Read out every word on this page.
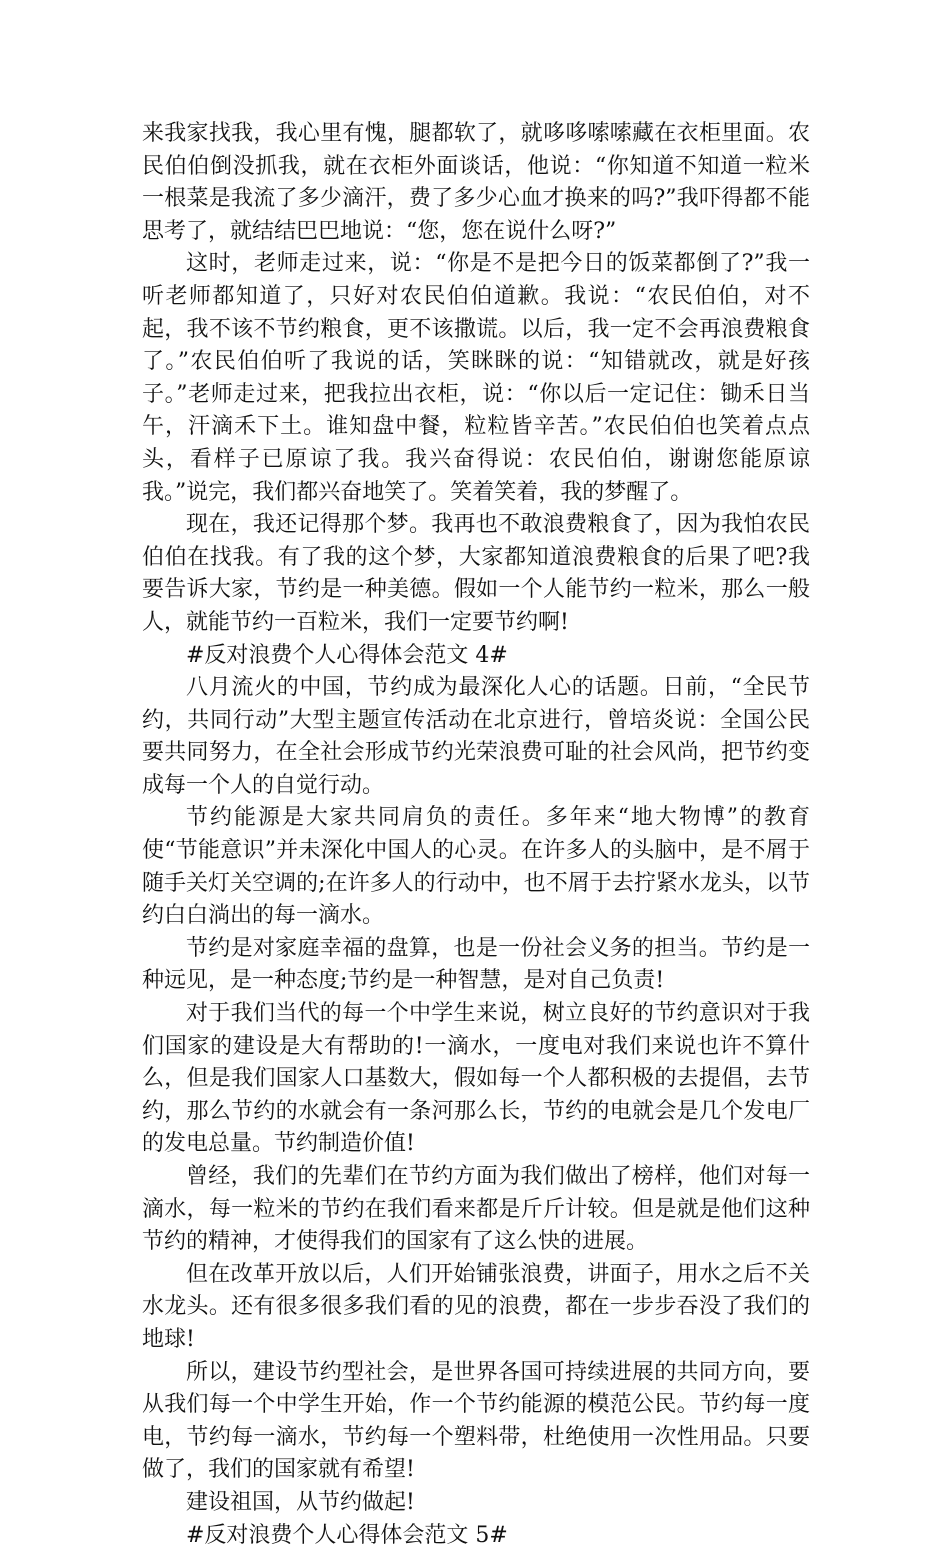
来我家找我，我心里有愧，腿都软了，就哆哆嗦嗦藏在衣柜里面。农民伯伯倒没抓我，就在衣柜外面谈话，他说：“你知道不知道一粒米一根菜是我流了多少滴汗，费了多少心血才换来的吗?”我吓得都不能思考了，就结结巴巴地说：“您，您在说什么呀?”

这时，老师走过来，说：“你是不是把今日的饭菜都倒了?”我一听老师都知道了，只好对农民伯伯道歉。我说：“农民伯伯，对不起，我不该不节约粮食，更不该撒谎。以后，我一定不会再浪费粮食了。”农民伯伯听了我说的话，笑眯眯的说：“知错就改，就是好孩子。”老师走过来，把我拉出衣柜，说：“你以后一定记住：锄禾日当午，汗滴禾下土。谁知盘中餐，粒粒皆辛苦。”农民伯伯也笑着点点头，看样子已原谅了我。我兴奋得说：农民伯伯，谢谢您能原谅我。”说完，我们都兴奋地笑了。笑着笑着，我的梦醒了。

现在，我还记得那个梦。我再也不敢浪费粮食了，因为我怕农民伯伯在找我。有了我的这个梦，大家都知道浪费粮食的后果了吧?我要告诉大家，节约是一种美德。假如一个人能节约一粒米，那么一般人，就能节约一百粒米，我们一定要节约啊!

#反对浪费个人心得体会范文 4#

八月流火的中国，节约成为最深化人心的话题。日前，“全民节约，共同行动”大型主题宣传活动在北京进行，曾培炎说：全国公民要共同努力，在全社会形成节约光荣浪费可耻的社会风尚，把节约变成每一个人的自觉行动。

节约能源是大家共同肩负的责任。多年来“地大物博”的教育使“节能意识”并未深化中国人的心灵。在许多人的头脑中，是不屑于随手关灯关空调的;在许多人的行动中，也不屑于去拧紧水龙头，以节约白白淌出的每一滴水。

节约是对家庭幸福的盘算，也是一份社会义务的担当。节约是一种远见，是一种态度;节约是一种智慧，是对自己负责!

对于我们当代的每一个中学生来说，树立良好的节约意识对于我们国家的建设是大有帮助的!一滴水，一度电对我们来说也许不算什么，但是我们国家人口基数大，假如每一个人都积极的去提倡，去节约，那么节约的水就会有一条河那么长，节约的电就会是几个发电厂的发电总量。节约制造价值!

曾经，我们的先辈们在节约方面为我们做出了榜样，他们对每一滴水，每一粒米的节约在我们看来都是斤斤计较。但是就是他们这种节约的精神，才使得我们的国家有了这么快的进展。

但在改革开放以后，人们开始铺张浪费，讲面子，用水之后不关水龙头。还有很多很多我们看的见的浪费，都在一步步吞没了我们的地球!

所以，建设节约型社会，是世界各国可持续进展的共同方向，要从我们每一个中学生开始，作一个节约能源的模范公民。节约每一度电，节约每一滴水，节约每一个塑料带，杜绝使用一次性用品。只要做了，我们的国家就有希望!

建设祖国，从节约做起!

#反对浪费个人心得体会范文 5#
